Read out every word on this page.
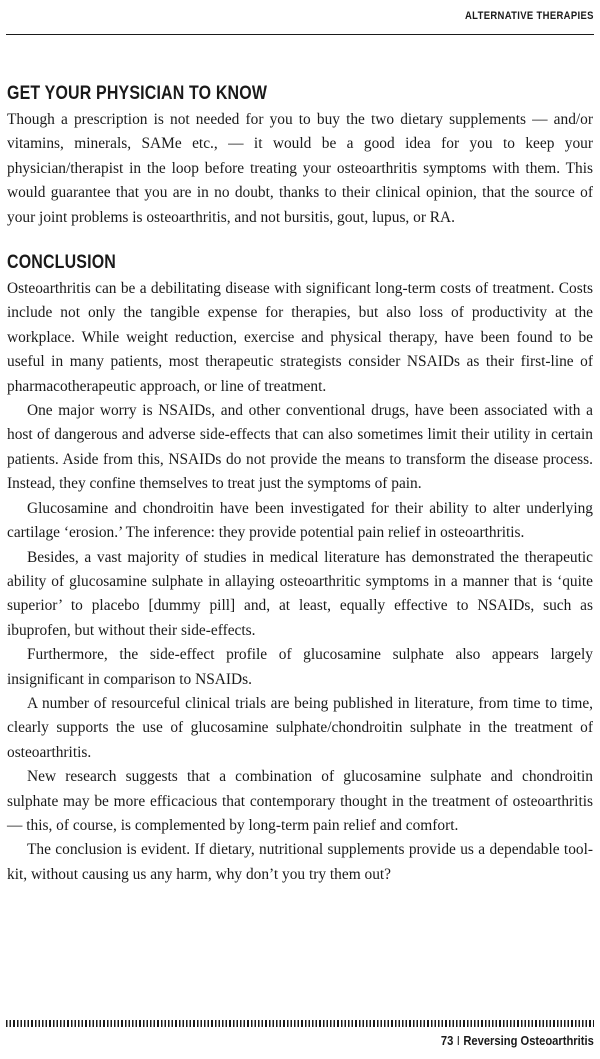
ALTERNATIVE THERAPIES
GET YOUR PHYSICIAN TO KNOW

Though a prescription is not needed for you to buy the two dietary supplements — and/or vitamins, minerals, SAMe etc., — it would be a good idea for you to keep your physician/therapist in the loop before treating your osteoarthritis symptoms with them. This would guarantee that you are in no doubt, thanks to their clinical opinion, that the source of your joint problems is osteoarthritis, and not bursitis, gout, lupus, or RA.

CONCLUSION

Osteoarthritis can be a debilitating disease with significant long-term costs of treatment. Costs include not only the tangible expense for therapies, but also loss of productivity at the workplace. While weight reduction, exercise and physical therapy, have been found to be useful in many patients, most therapeutic strategists consider NSAIDs as their first-line of pharmacotherapeutic approach, or line of treatment.

One major worry is NSAIDs, and other conventional drugs, have been associated with a host of dangerous and adverse side-effects that can also sometimes limit their utility in certain patients. Aside from this, NSAIDs do not provide the means to transform the disease process. Instead, they confine themselves to treat just the symptoms of pain.

Glucosamine and chondroitin have been investigated for their ability to alter underlying cartilage ‘erosion.’ The inference: they provide potential pain relief in osteoarthritis.

Besides, a vast majority of studies in medical literature has demonstrated the therapeutic ability of glucosamine sulphate in allaying osteoarthritic symptoms in a manner that is ‘quite superior’ to placebo [dummy pill] and, at least, equally effective to NSAIDs, such as ibuprofen, but without their side-effects.

Furthermore, the side-effect profile of glucosamine sulphate also appears largely insignificant in comparison to NSAIDs.

A number of resourceful clinical trials are being published in literature, from time to time, clearly supports the use of glucosamine sulphate/chondroitin sulphate in the treatment of osteoarthritis.

New research suggests that a combination of glucosamine sulphate and chondroitin sulphate may be more efficacious that contemporary thought in the treatment of osteoarthritis — this, of course, is complemented by long-term pain relief and comfort.

The conclusion is evident. If dietary, nutritional supplements provide us a dependable tool-kit, without causing us any harm, why don’t you try them out?

73 I Reversing Osteoarthritis
